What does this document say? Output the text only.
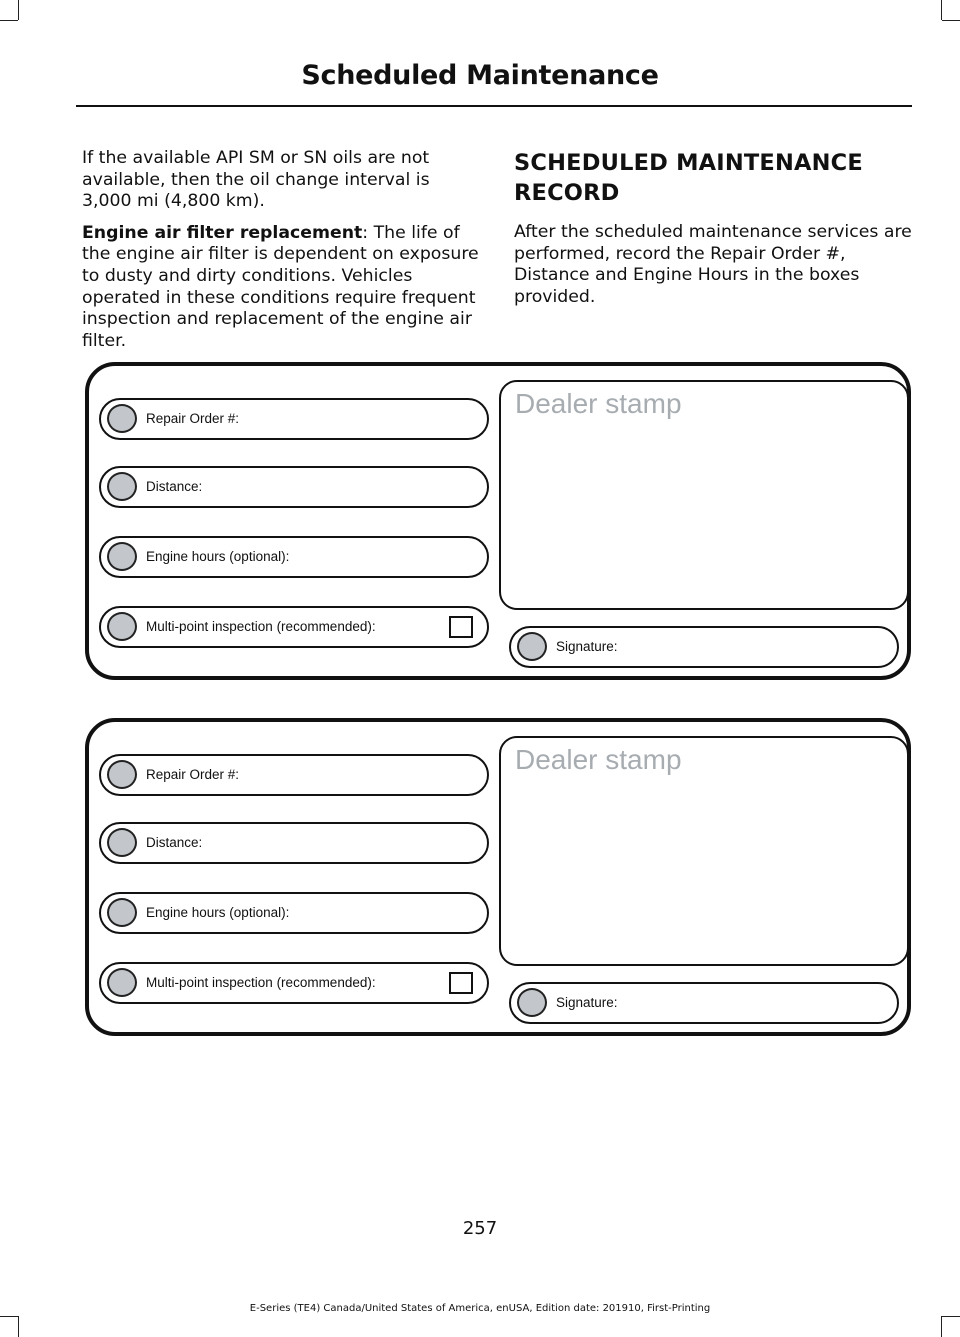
Scheduled Maintenance

If the available API SM or SN oils are not available, then the oil change interval is 3,000 mi (4,800 km).

Engine air filter replacement: The life of the engine air filter is dependent on exposure to dusty and dirty conditions. Vehicles operated in these conditions require frequent inspection and replacement of the engine air filter.

SCHEDULED MAINTENANCE
RECORD

After the scheduled maintenance services are performed, record the Repair Order #, Distance and Engine Hours in the boxes provided.

Repair Order #:
Distance:
Engine hours (optional):
Multi-point inspection (recommended):
Dealer stamp
Signature:
Repair Order #:
Distance:
Engine hours (optional):
Multi-point inspection (recommended):
Dealer stamp
Signature:
257
E-Series (TE4) Canada/United States of America, enUSA, Edition date: 201910, First-Printing
